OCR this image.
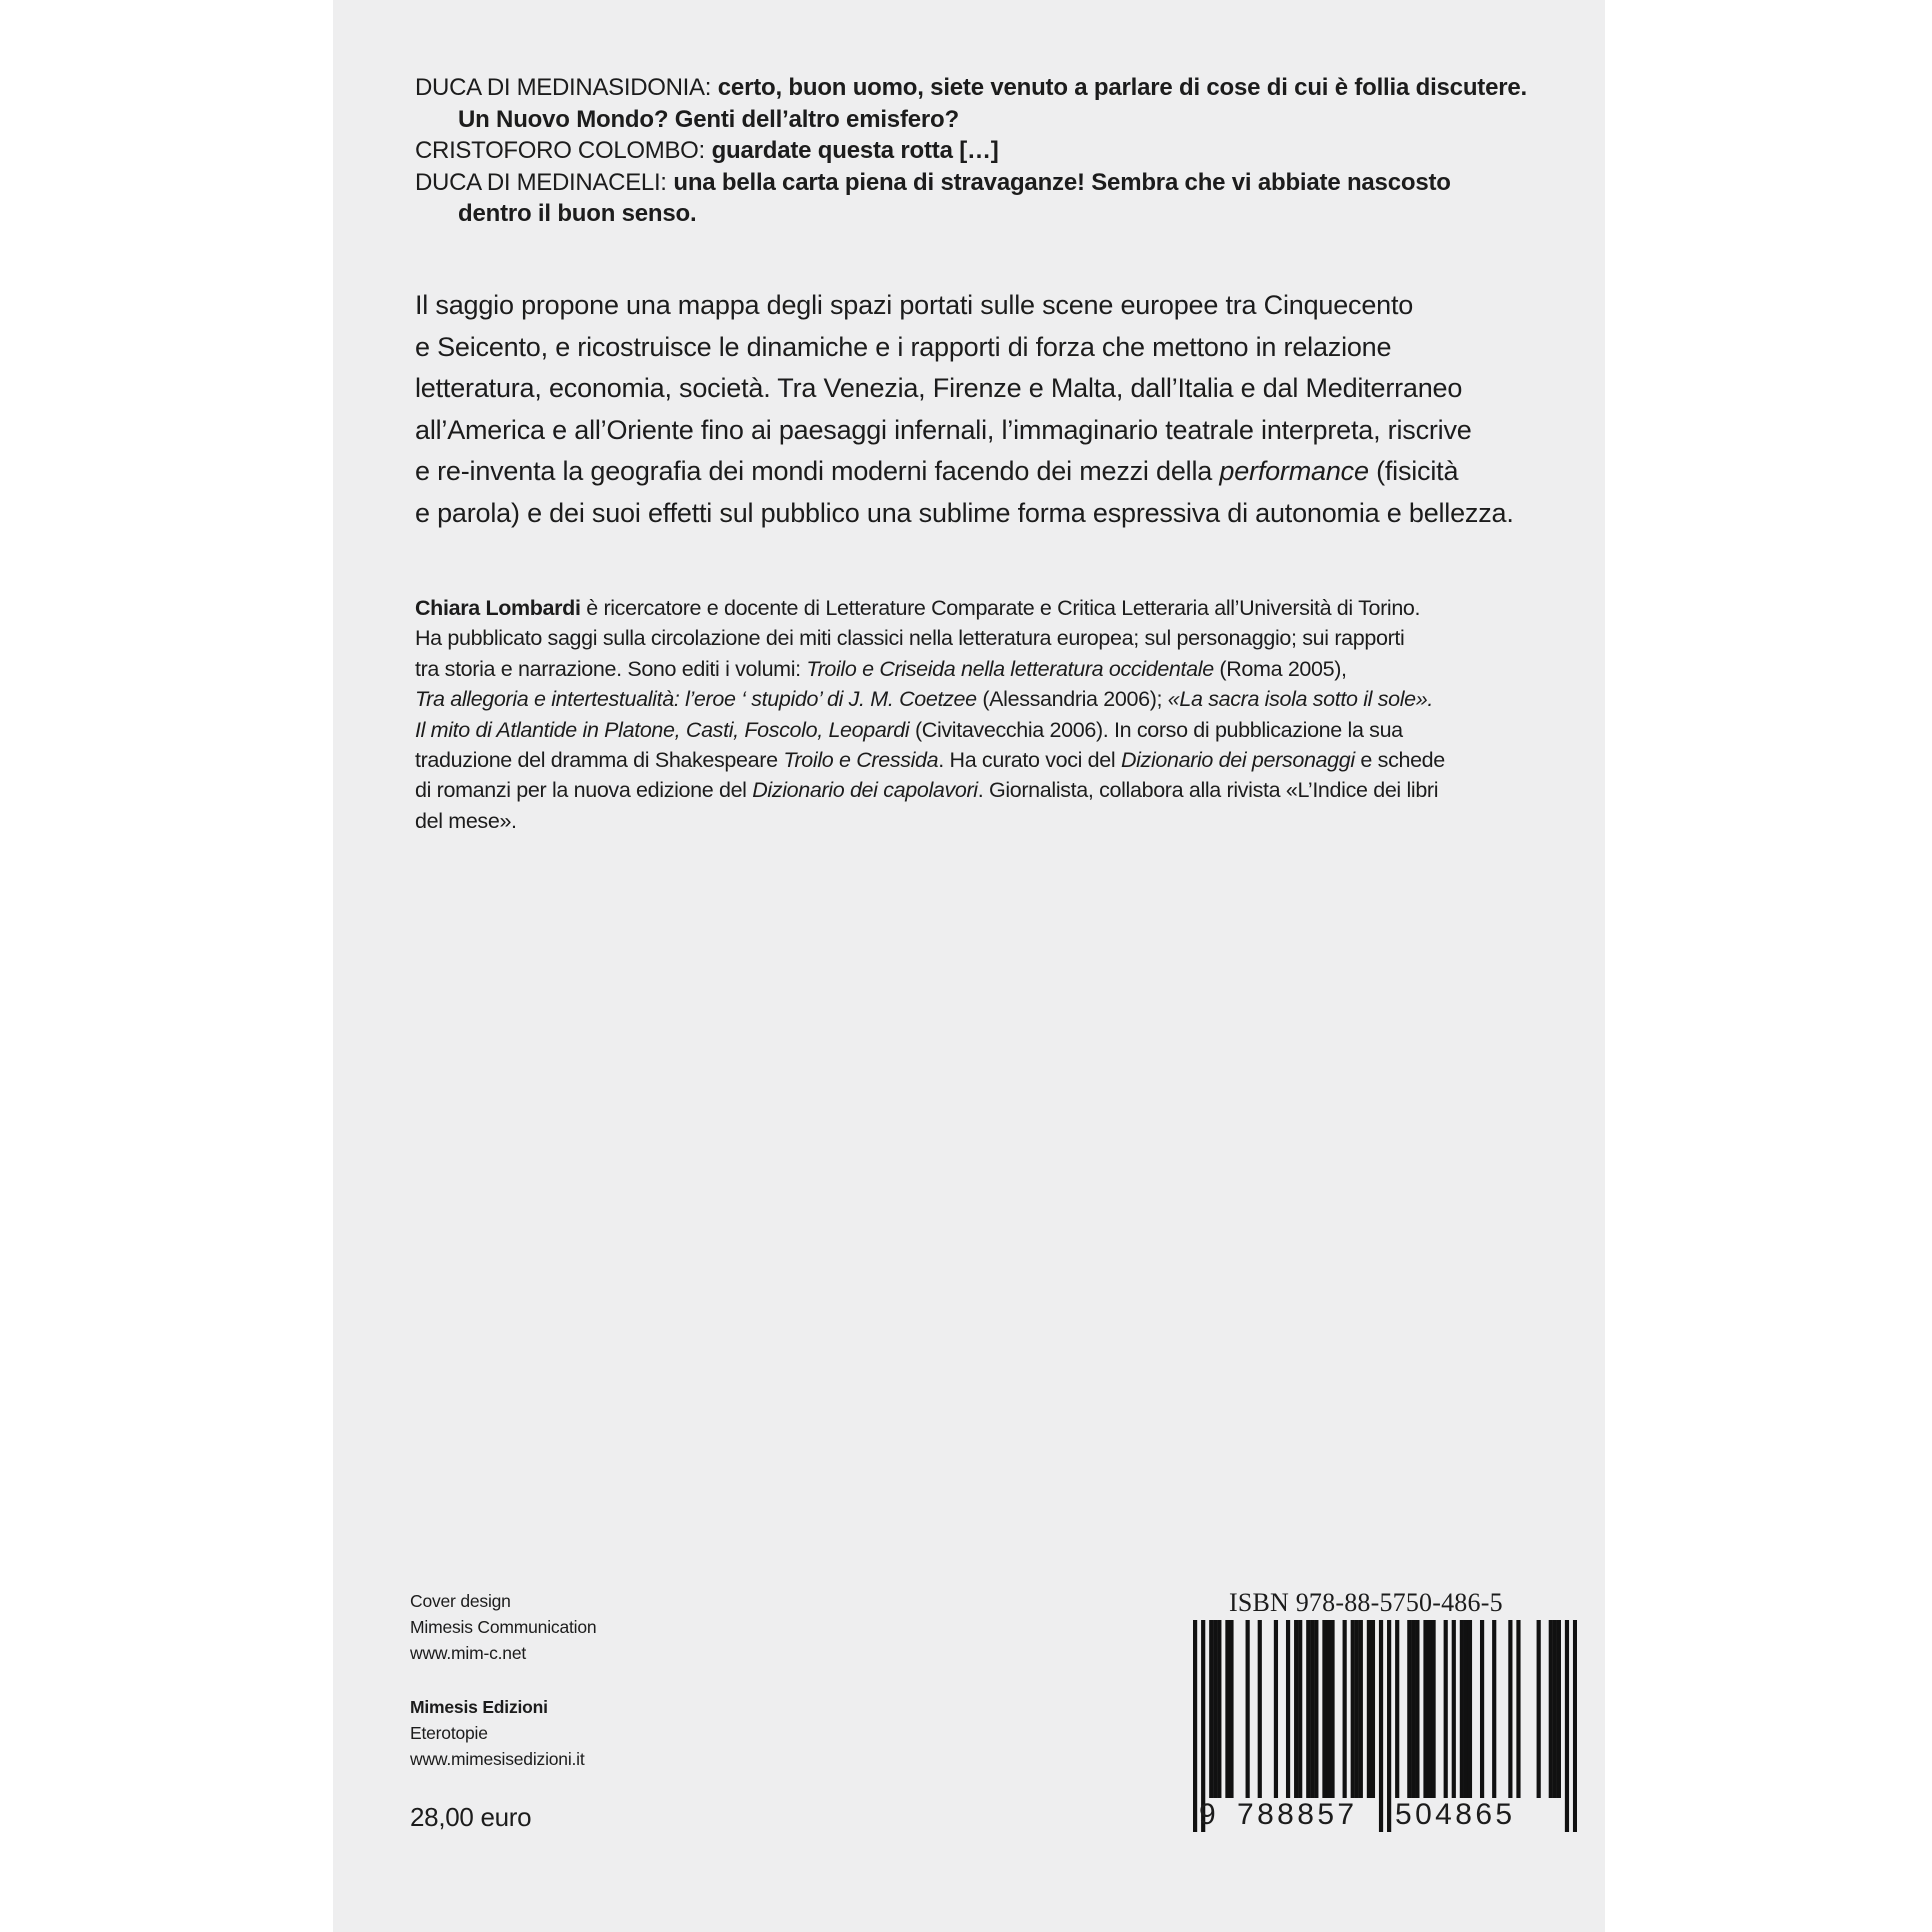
DUCA DI MEDINASIDONIA: certo, buon uomo, siete venuto a parlare di cose di cui è follia discutere.
Un Nuovo Mondo? Genti dell’altro emisfero?
CRISTOFORO COLOMBO: guardate questa rotta […]
DUCA DI MEDINACELI: una bella carta piena di stravaganze! Sembra che vi abbiate nascosto
dentro il buon senso.
Il saggio propone una mappa degli spazi portati sulle scene europee tra Cinquecento
e Seicento, e ricostruisce le dinamiche e i rapporti di forza che mettono in relazione
letteratura, economia, società. Tra Venezia, Firenze e Malta, dall’Italia e dal Mediterraneo
all’America e all’Oriente fino ai paesaggi infernali, l’immaginario teatrale interpreta, riscrive
e re-inventa la geografia dei mondi moderni facendo dei mezzi della performance (fisicità
e parola) e dei suoi effetti sul pubblico una sublime forma espressiva di autonomia e bellezza.
Chiara Lombardi è ricercatore e docente di Letterature Comparate e Critica Letteraria all’Università di Torino.
Ha pubblicato saggi sulla circolazione dei miti classici nella letteratura europea; sul personaggio; sui rapporti
tra storia e narrazione. Sono editi i volumi: Troilo e Criseida nella letteratura occidentale (Roma 2005),
Tra allegoria e intertestualità: l’eroe ‘ stupido’ di J. M. Coetzee (Alessandria 2006); «La sacra isola sotto il sole».
Il mito di Atlantide in Platone, Casti, Foscolo, Leopardi (Civitavecchia 2006). In corso di pubblicazione la sua
traduzione del dramma di Shakespeare Troilo e Cressida. Ha curato voci del Dizionario dei personaggi e schede
di romanzi per la nuova edizione del Dizionario dei capolavori. Giornalista, collabora alla rivista «L’Indice dei libri
del mese».
Cover design
Mimesis Communication
www.mim-c.net
Mimesis Edizioni
Eterotopie
www.mimesisedizioni.it
28,00 euro
ISBN 978-88-5750-486-5
9 788857 504865
